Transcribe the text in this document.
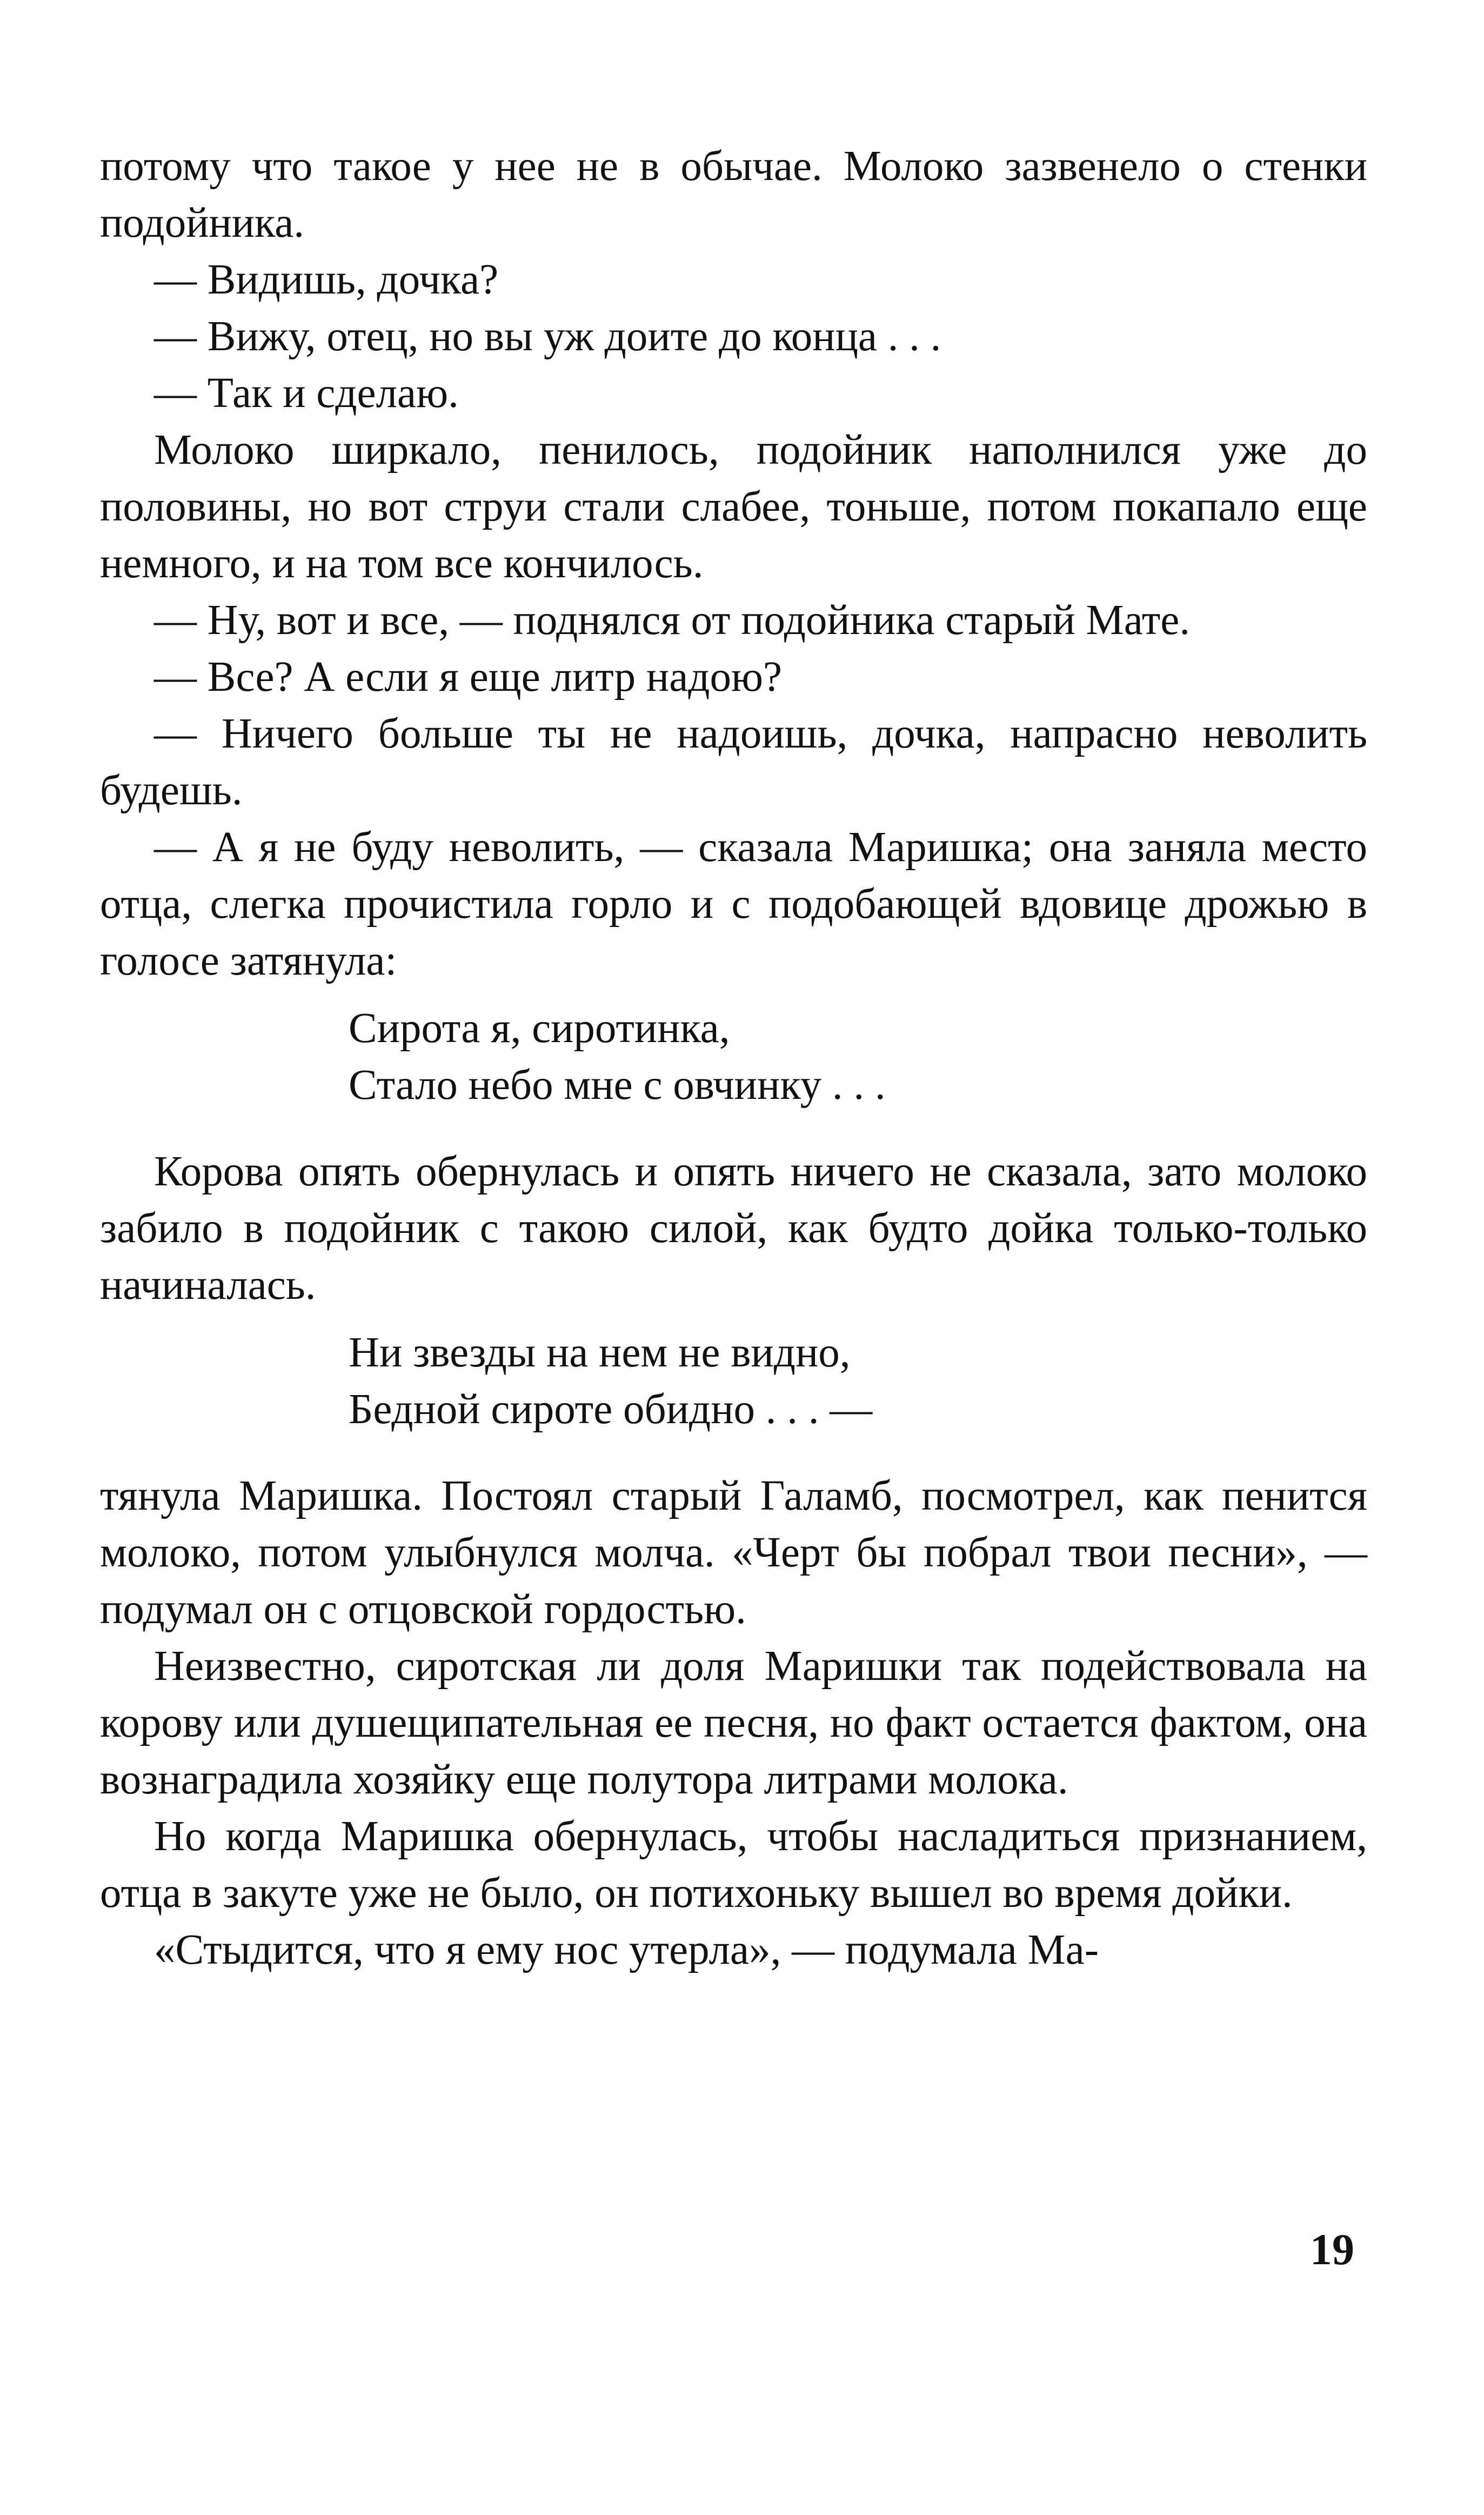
потому что такое у нее не в обычае. Молоко зазвенело о стенки подойника.

— Видишь, дочка?

— Вижу, отец, но вы уж доите до конца . . .

— Так и сделаю.

Молоко ширкало, пенилось, подойник наполнился уже до половины, но вот струи стали слабее, тоньше, потом покапало еще немного, и на том все кончилось.

— Ну, вот и все, — поднялся от подойника старый Мате.

— Все? А если я еще литр надою?

— Ничего больше ты не надоишь, дочка, напрасно неволить будешь.

— А я не буду неволить, — сказала Маришка; она заняла место отца, слегка прочистила горло и с подобающей вдовице дрожью в голосе затянула:

Сирота я, сиротинка,
Стало небо мне с овчинку . . .

Корова опять обернулась и опять ничего не сказала, зато молоко забило в подойник с такою силой, как будто дойка только-только начиналась.

Ни звезды на нем не видно,
Бедной сироте обидно . . . —

тянула Маришка. Постоял старый Галамб, посмотрел, как пенится молоко, потом улыбнулся молча. «Черт бы побрал твои песни», — подумал он с отцовской гордостью.

Неизвестно, сиротская ли доля Маришки так подействовала на корову или душещипательная ее песня, но факт остается фактом, она вознаградила хозяйку еще полутора литрами молока.

Но когда Маришка обернулась, чтобы насладиться признанием, отца в закуте уже не было, он потихоньку вышел во время дойки.

«Стыдится, что я ему нос утерла», — подумала Ма-

19
